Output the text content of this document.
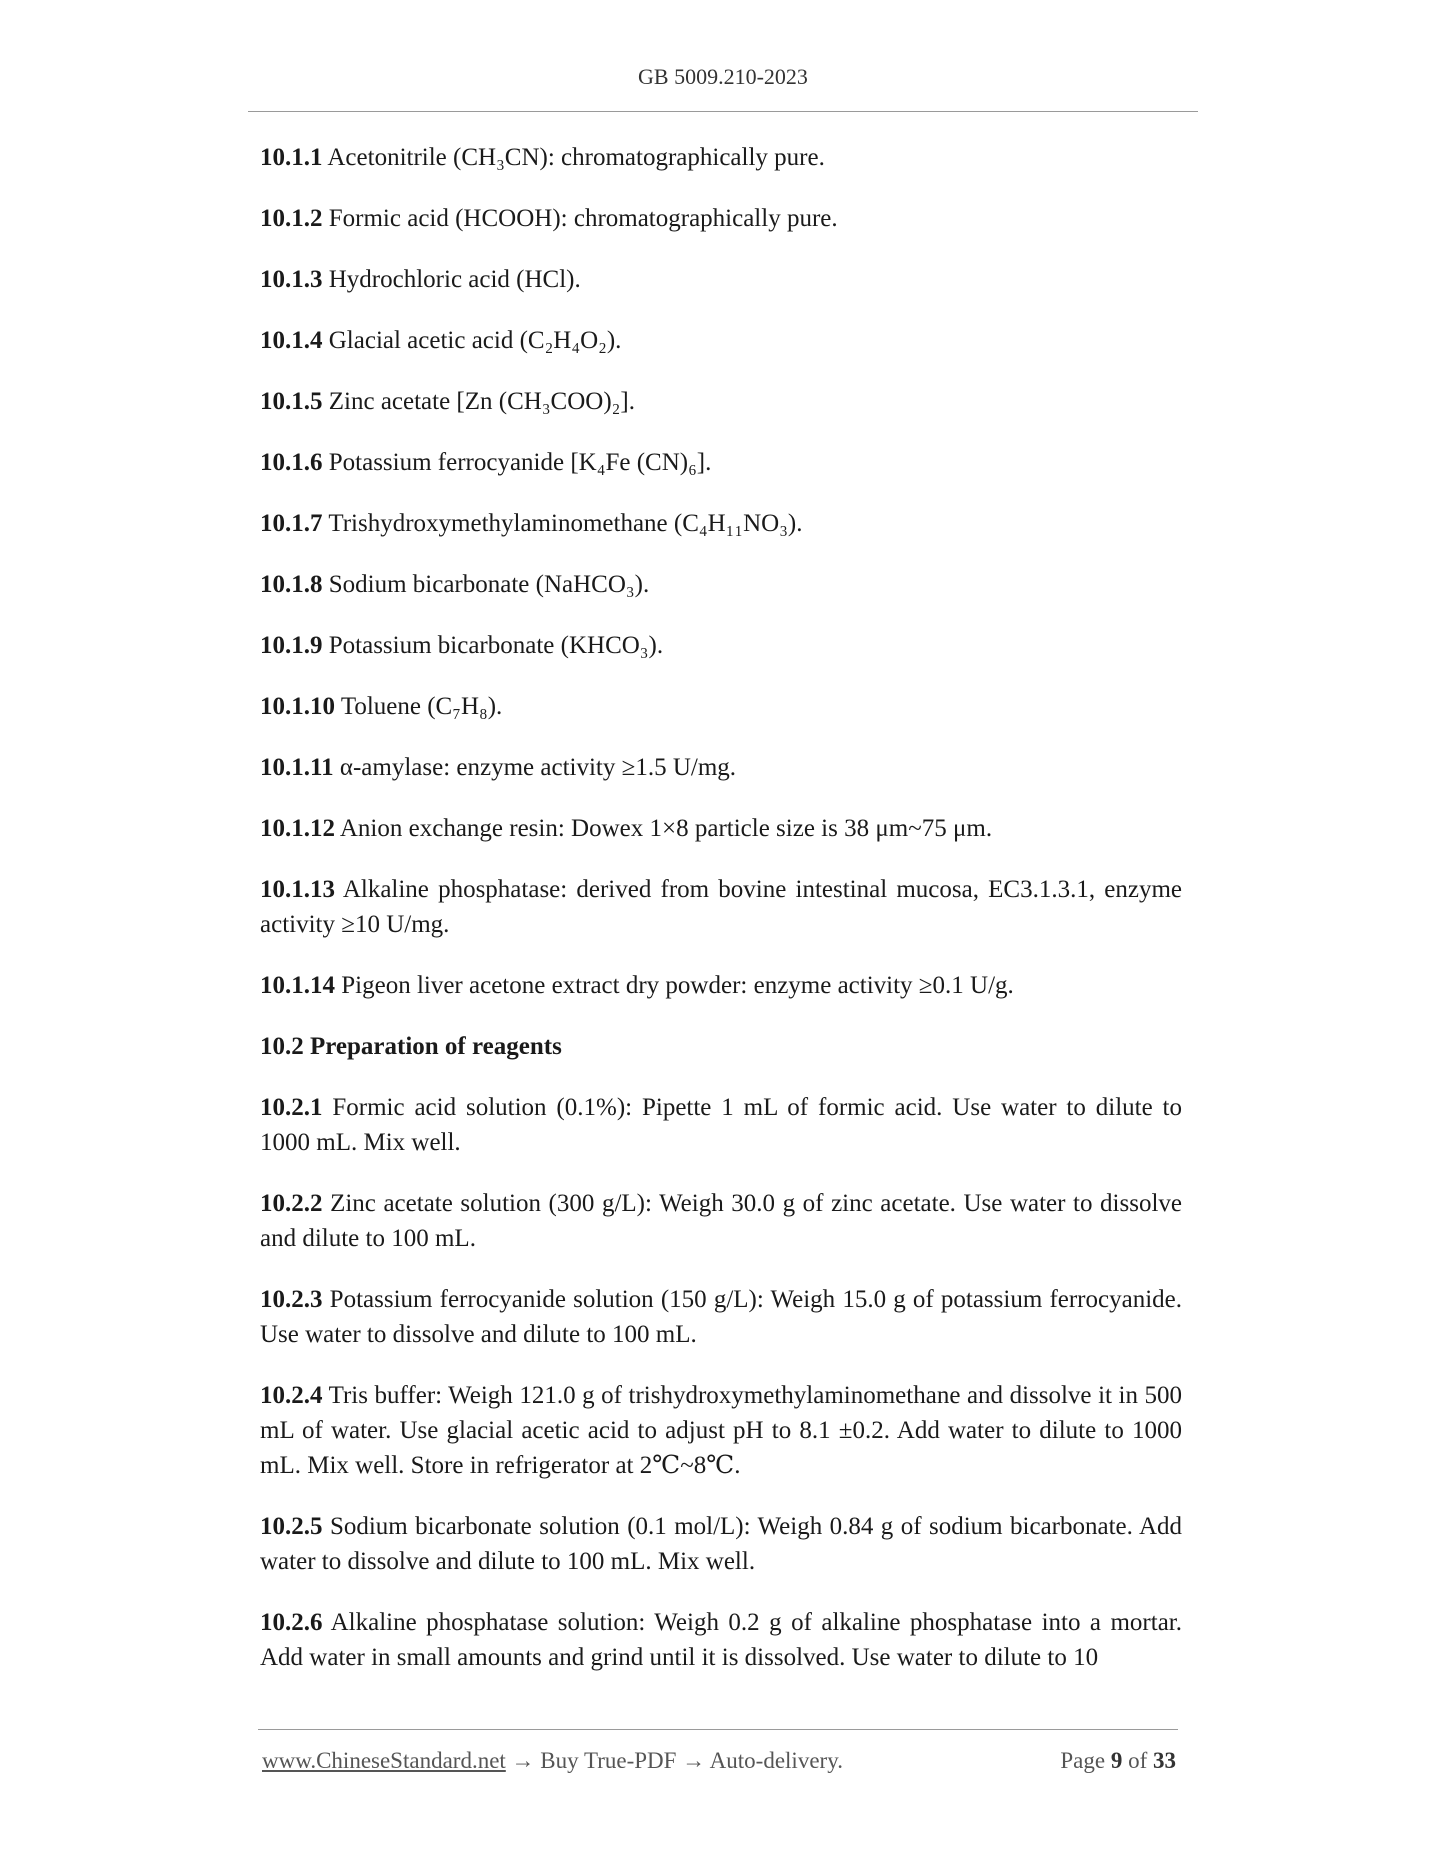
GB 5009.210-2023

10.1.1 Acetonitrile (CH₃CN): chromatographically pure.

10.1.2 Formic acid (HCOOH): chromatographically pure.

10.1.3 Hydrochloric acid (HCl).

10.1.4 Glacial acetic acid (C₂H₄O₂).

10.1.5 Zinc acetate [Zn (CH₃COO)₂].

10.1.6 Potassium ferrocyanide [K₄Fe (CN)₆].

10.1.7 Trishydroxymethylaminomethane (C₄H₁₁NO₃).

10.1.8 Sodium bicarbonate (NaHCO₃).

10.1.9 Potassium bicarbonate (KHCO₃).

10.1.10 Toluene (C₇H₈).

10.1.11 α-amylase: enzyme activity ≥1.5 U/mg.

10.1.12 Anion exchange resin: Dowex 1×8 particle size is 38 μm~75 μm.

10.1.13 Alkaline phosphatase: derived from bovine intestinal mucosa, EC3.1.3.1, enzyme activity ≥10 U/mg.

10.1.14 Pigeon liver acetone extract dry powder: enzyme activity ≥0.1 U/g.

10.2 Preparation of reagents

10.2.1 Formic acid solution (0.1%): Pipette 1 mL of formic acid. Use water to dilute to 1000 mL. Mix well.

10.2.2 Zinc acetate solution (300 g/L): Weigh 30.0 g of zinc acetate. Use water to dissolve and dilute to 100 mL.

10.2.3 Potassium ferrocyanide solution (150 g/L): Weigh 15.0 g of potassium ferrocyanide. Use water to dissolve and dilute to 100 mL.

10.2.4 Tris buffer: Weigh 121.0 g of trishydroxymethylaminomethane and dissolve it in 500 mL of water. Use glacial acetic acid to adjust pH to 8.1 ±0.2. Add water to dilute to 1000 mL. Mix well. Store in refrigerator at 2℃~8℃.

10.2.5 Sodium bicarbonate solution (0.1 mol/L): Weigh 0.84 g of sodium bicarbonate. Add water to dissolve and dilute to 100 mL. Mix well.

10.2.6 Alkaline phosphatase solution: Weigh 0.2 g of alkaline phosphatase into a mortar. Add water in small amounts and grind until it is dissolved. Use water to dilute to 10

www.ChineseStandard.net → Buy True-PDF → Auto-delivery.	Page 9 of 33
